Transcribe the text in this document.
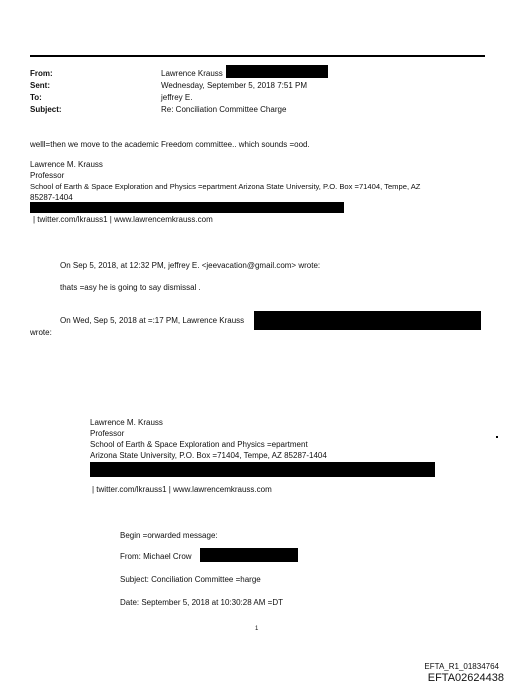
From:	Lawrence Krauss
Sent:	Wednesday, September 5, 2018 7:51 PM
To:	jeffrey E.
Subject:	Re: Conciliation Committee Charge
welll=then we move to the academic Freedom committee.. which sounds =ood.
Lawrence M. Krauss
Professor
School of Earth & Space Exploration and Physics =epartment Arizona State University, P.O. Box =71404, Tempe, AZ
85287-1404
| twitter.com/lkrauss1 | www.lawrencemkrauss.com
On Sep 5, 2018, at 12:32 PM, jeffrey E. <jeevacation@gmail.com> wrote:
thats =asy he is going to say dismissal .
On Wed, Sep 5, 2018 at =:17 PM, Lawrence Krauss
wrote:
Lawrence M. Krauss
Professor
School of Earth & Space Exploration and Physics =epartment
Arizona State University, P.O. Box =71404, Tempe, AZ 85287-1404
| twitter.com/lkrauss1 | www.lawrencemkrauss.com
Begin =orwarded message:
From: Michael Crow
Subject: Conciliation Committee =harge
Date: September 5, 2018 at 10:30:28 AM =DT
1
EFTA_R1_01834764
EFTA02624438
